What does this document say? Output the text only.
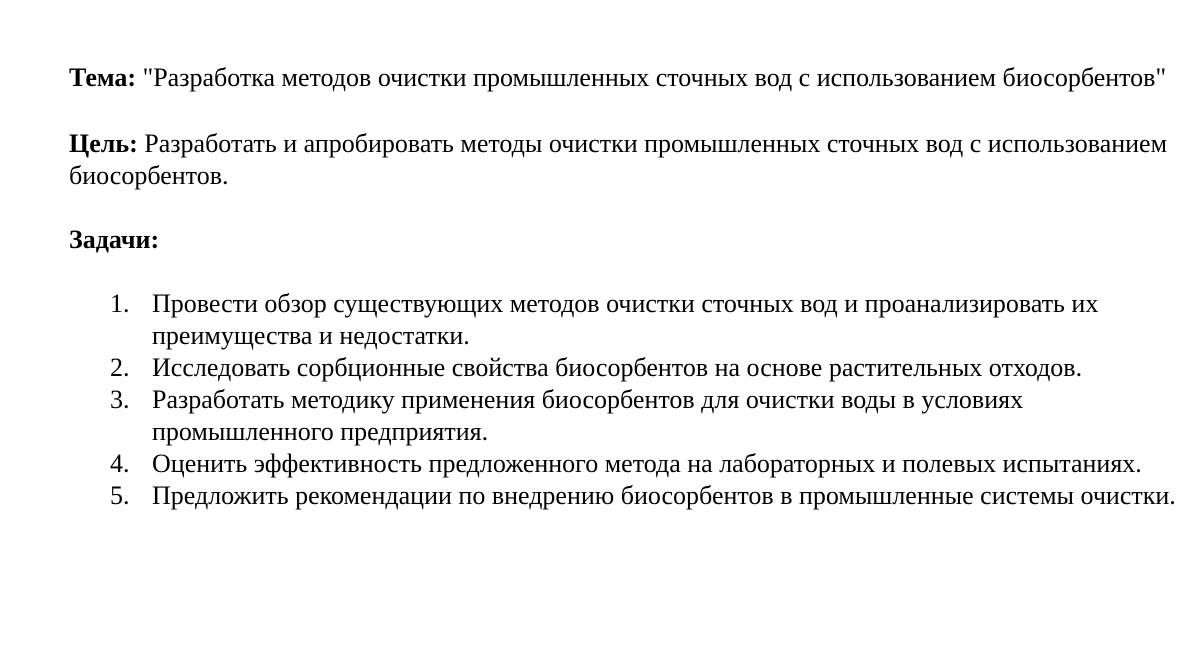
Тема: "Разработка методов очистки промышленных сточных вод с использованием биосорбентов"

Цель: Разработать и апробировать методы очистки промышленных сточных вод с использованием биосорбентов.

Задачи:

1. Провести обзор существующих методов очистки сточных вод и проанализировать их преимущества и недостатки.
2. Исследовать сорбционные свойства биосорбентов на основе растительных отходов.
3. Разработать методику применения биосорбентов для очистки воды в условиях промышленного предприятия.
4. Оценить эффективность предложенного метода на лабораторных и полевых испытаниях.
5. Предложить рекомендации по внедрению биосорбентов в промышленные системы очистки.
